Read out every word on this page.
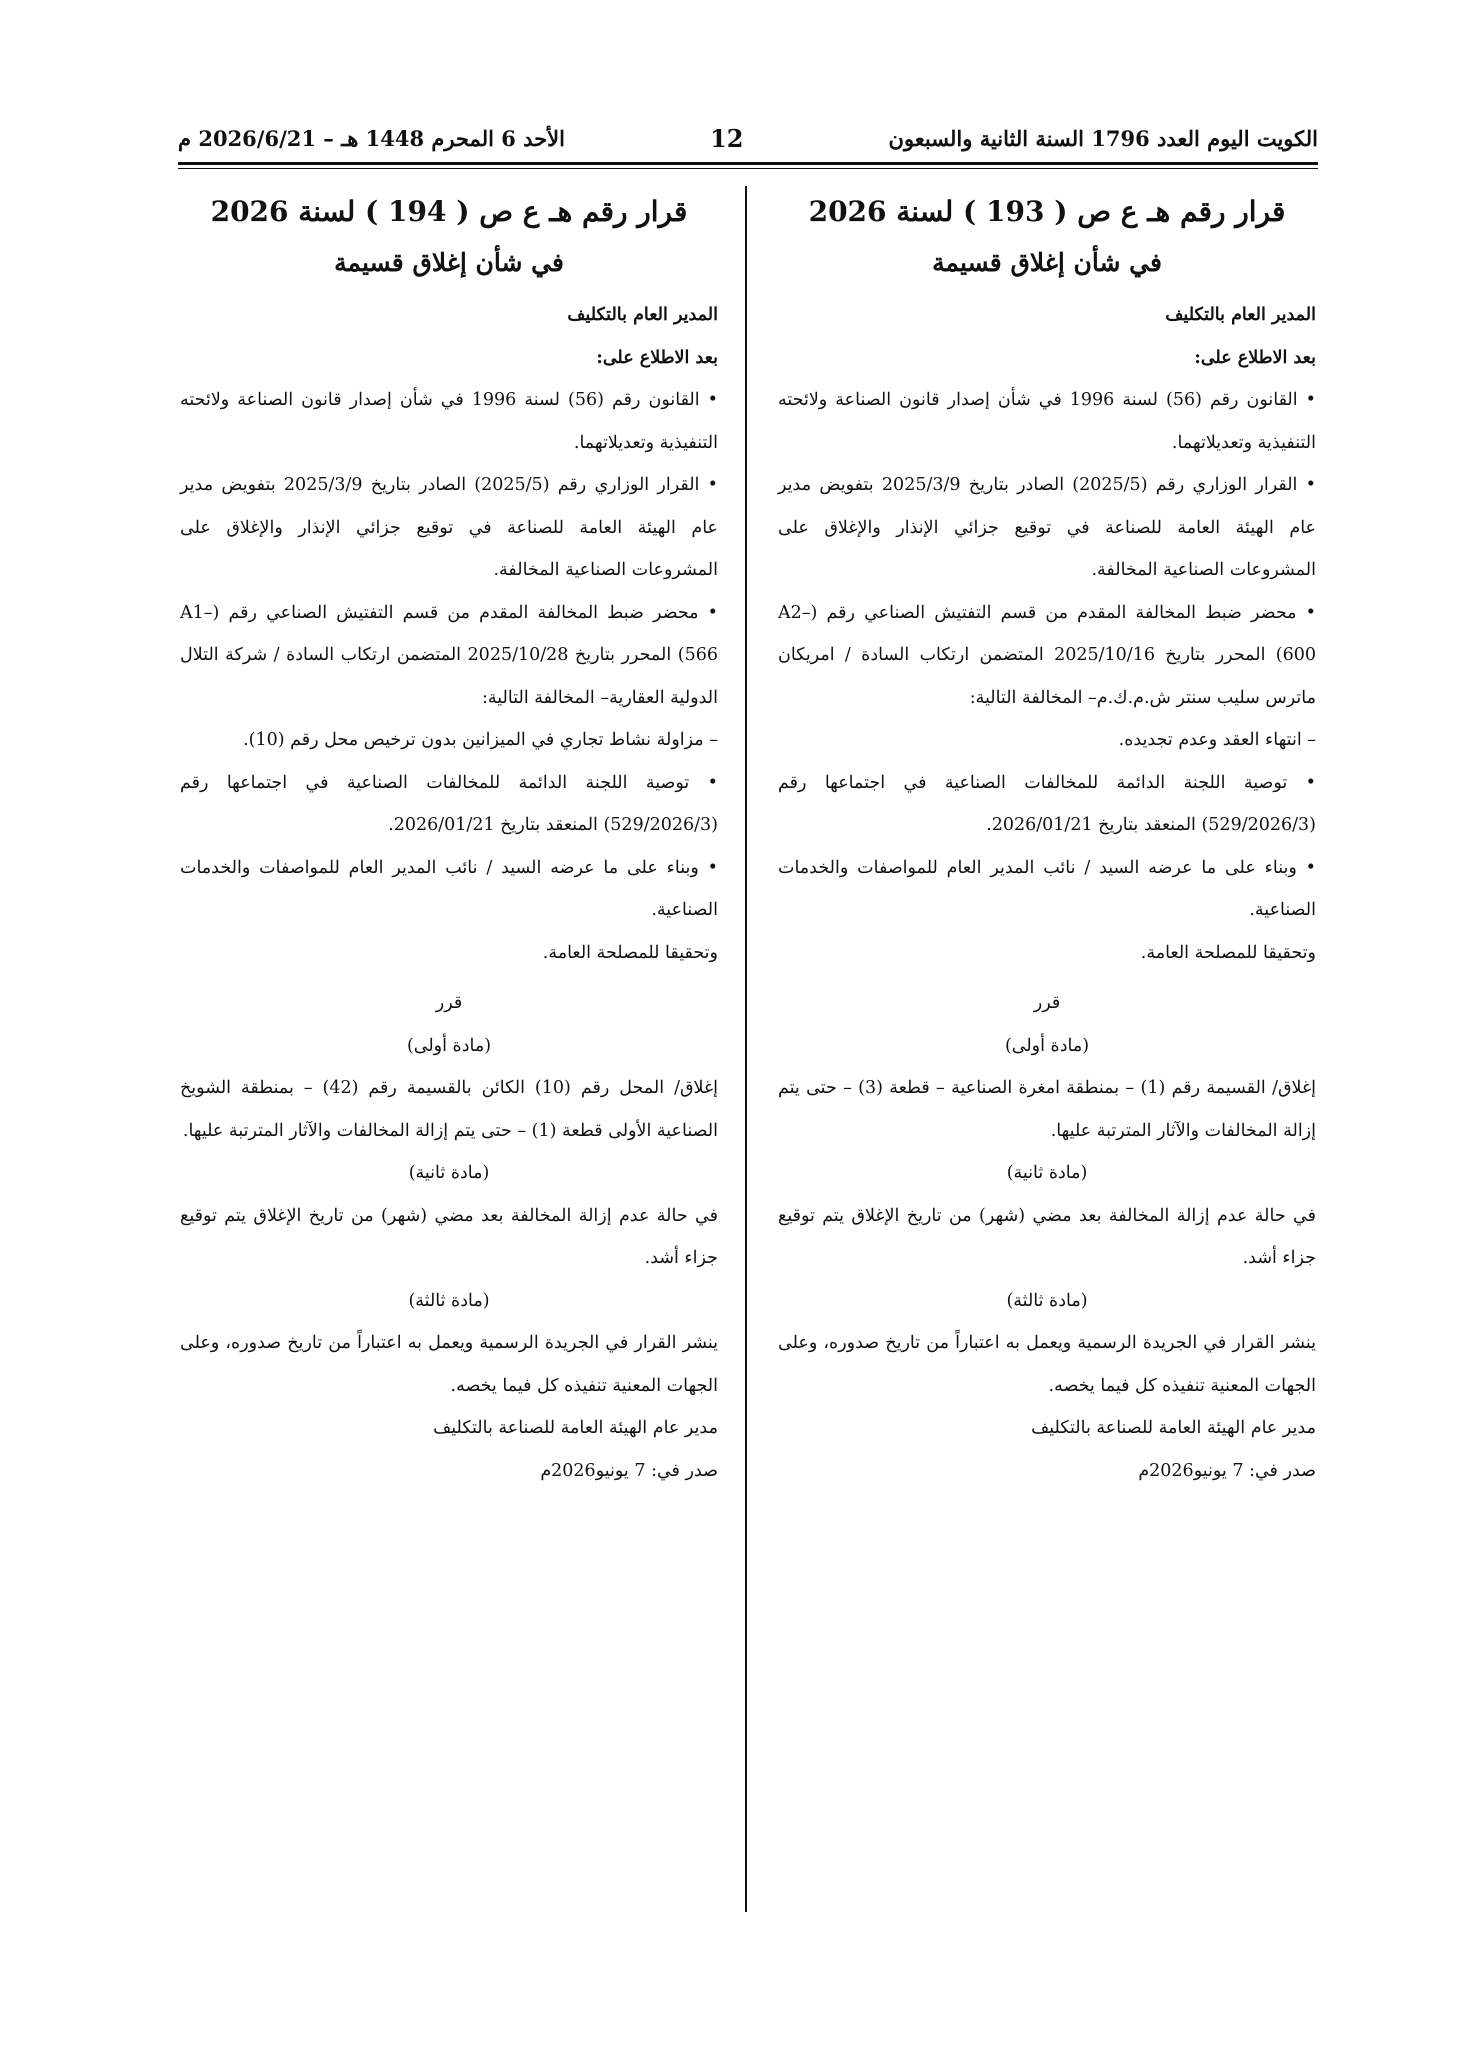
الكويت اليوم العدد 1796 السنة الثانية والسبعون
12
الأحد 6 المحرم 1448 هـ – 2026/6/21 م

قرار رقم هـ ع ص ( 193 ) لسنة 2026

في شأن إغلاق قسيمة

المدير العام بالتكليف

بعد الاطلاع على:

• القانون رقم (56) لسنة 1996 في شأن إصدار قانون الصناعة ولائحته التنفيذية وتعديلاتهما.

• القرار الوزاري رقم (2025/5) الصادر بتاريخ 2025/3/9 بتفويض مدير عام الهيئة العامة للصناعة في توقيع جزائي الإنذار والإغلاق على المشروعات الصناعية المخالفة.

• محضر ضبط المخالفة المقدم من قسم التفتيش الصناعي رقم (A2–600) المحرر بتاريخ 2025/10/16 المتضمن ارتكاب السادة / امريكان ماترس سليب سنتر ش.م.ك.م– المخالفة التالية:

– انتهاء العقد وعدم تجديده.

• توصية اللجنة الدائمة للمخالفات الصناعية في اجتماعها رقم (529/2026/3) المنعقد بتاريخ 2026/01/21.

• وبناء على ما عرضه السيد / نائب المدير العام للمواصفات والخدمات الصناعية.

وتحقيقا للمصلحة العامة.

قرر

(مادة أولى)

إغلاق/ القسيمة رقم (1) – بمنطقة امغرة الصناعية – قطعة (3) – حتى يتم إزالة المخالفات والآثار المترتبة عليها.

(مادة ثانية)

في حالة عدم إزالة المخالفة بعد مضي (شهر) من تاريخ الإغلاق يتم توقيع جزاء أشد.

(مادة ثالثة)

ينشر القرار في الجريدة الرسمية ويعمل به اعتباراً من تاريخ صدوره، وعلى الجهات المعنية تنفيذه كل فيما يخصه.

مدير عام الهيئة العامة للصناعة بالتكليف

صدر في: 7 يونيو2026م

قرار رقم هـ ع ص ( 194 ) لسنة 2026

في شأن إغلاق قسيمة

المدير العام بالتكليف

بعد الاطلاع على:

• القانون رقم (56) لسنة 1996 في شأن إصدار قانون الصناعة ولائحته التنفيذية وتعديلاتهما.

• القرار الوزاري رقم (2025/5) الصادر بتاريخ 2025/3/9 بتفويض مدير عام الهيئة العامة للصناعة في توقيع جزائي الإنذار والإغلاق على المشروعات الصناعية المخالفة.

• محضر ضبط المخالفة المقدم من قسم التفتيش الصناعي رقم (A1–566) المحرر بتاريخ 2025/10/28 المتضمن ارتكاب السادة / شركة التلال الدولية العقارية– المخالفة التالية:

– مزاولة نشاط تجاري في الميزانين بدون ترخيص محل رقم (10).

• توصية اللجنة الدائمة للمخالفات الصناعية في اجتماعها رقم (529/2026/3) المنعقد بتاريخ 2026/01/21.

• وبناء على ما عرضه السيد / نائب المدير العام للمواصفات والخدمات الصناعية.

وتحقيقا للمصلحة العامة.

قرر

(مادة أولى)

إغلاق/ المحل رقم (10) الكائن بالقسيمة رقم (42) – بمنطقة الشويخ الصناعية الأولى قطعة (1) – حتى يتم إزالة المخالفات والآثار المترتبة عليها.

(مادة ثانية)

في حالة عدم إزالة المخالفة بعد مضي (شهر) من تاريخ الإغلاق يتم توقيع جزاء أشد.

(مادة ثالثة)

ينشر القرار في الجريدة الرسمية ويعمل به اعتباراً من تاريخ صدوره، وعلى الجهات المعنية تنفيذه كل فيما يخصه.

مدير عام الهيئة العامة للصناعة بالتكليف

صدر في: 7 يونيو2026م
